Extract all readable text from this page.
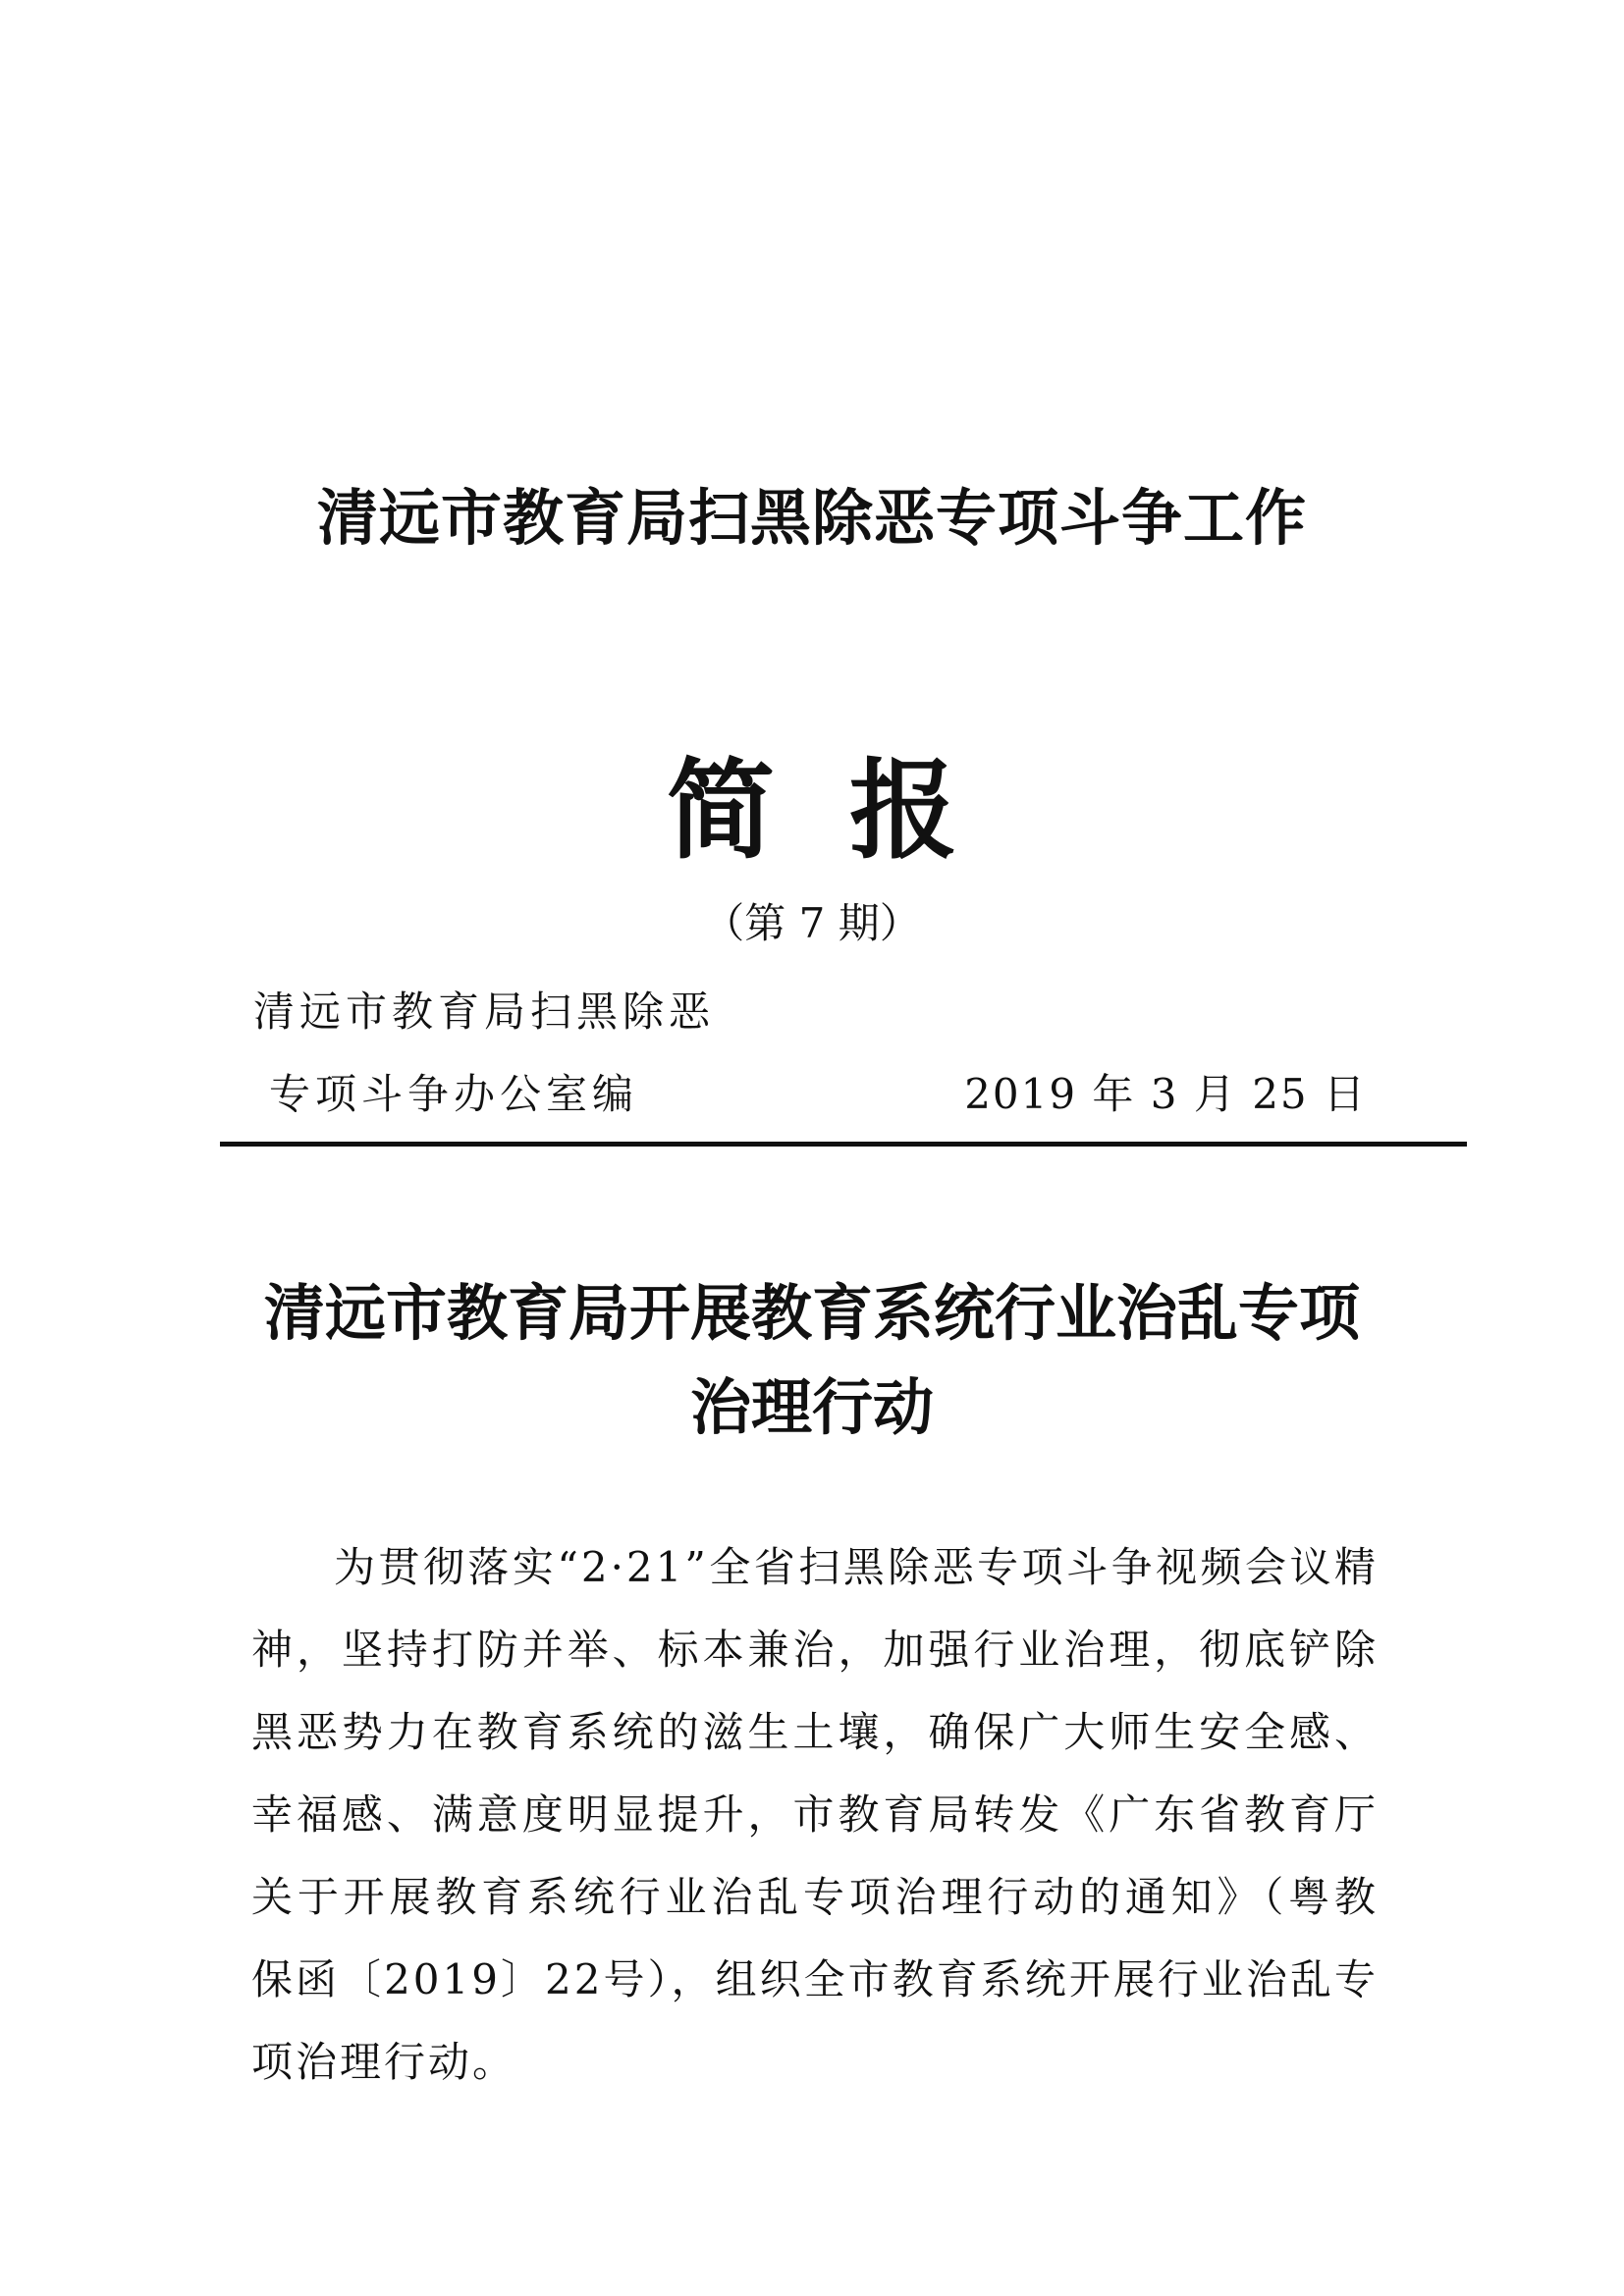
清远市教育局扫黑除恶专项斗争工作
简 报
（第 7 期）
清远市教育局扫黑除恶
专项斗争办公室编	2019 年 3 月 25 日
清远市教育局开展教育系统行业治乱专项
治理行动

为贯彻落实“2·21”全省扫黑除恶专项斗争视频会议精神，坚持打防并举、标本兼治，加强行业治理，彻底铲除黑恶势力在教育系统的滋生土壤，确保广大师生安全感、幸福感、满意度明显提升，市教育局转发《广东省教育厅关于开展教育系统行业治乱专项治理行动的通知》（粤教保函〔2019〕22号），组织全市教育系统开展行业治乱专项治理行动。
